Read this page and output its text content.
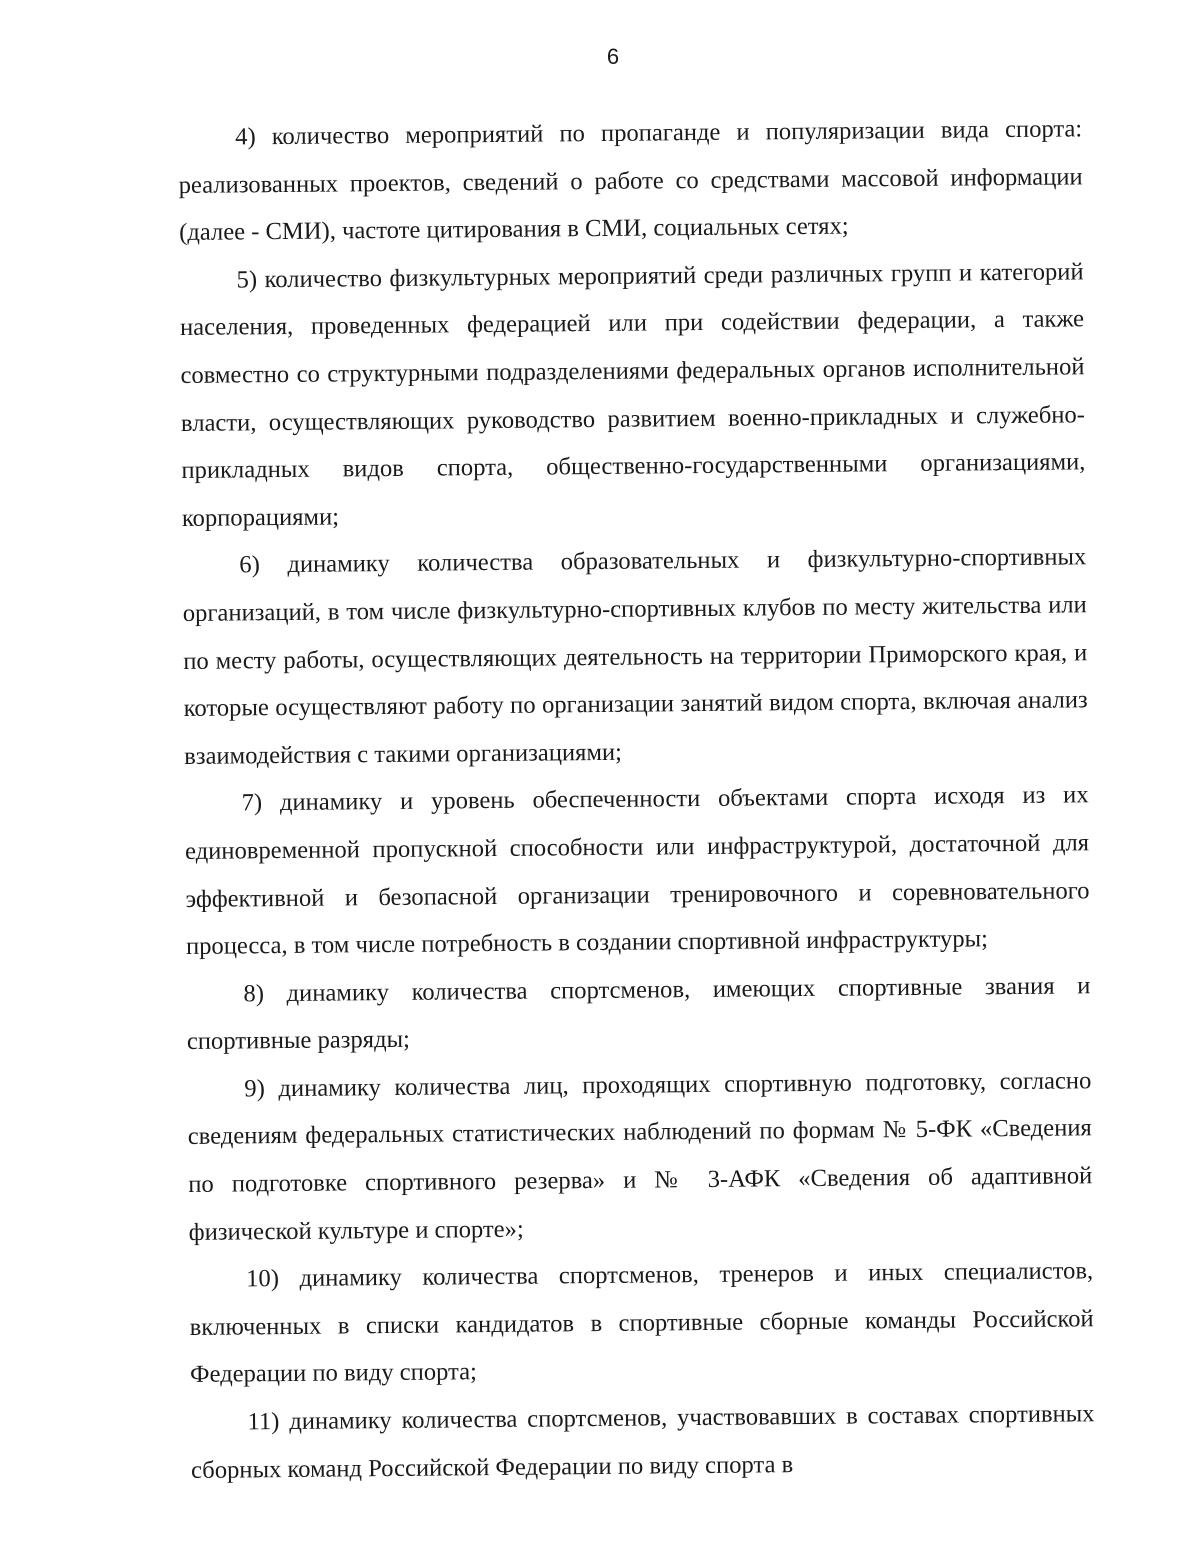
6

4) количество мероприятий по пропаганде и популяризации вида спорта: реализованных проектов, сведений о работе со средствами массовой информации (далее - СМИ), частоте цитирования в СМИ, социальных сетях;

5) количество физкультурных мероприятий среди различных групп и категорий населения, проведенных федерацией или при содействии федерации, а также совместно со структурными подразделениями федеральных органов исполнительной власти, осуществляющих руководство развитием военно-прикладных и служебно-прикладных видов спорта, общественно-государственными организациями, корпорациями;

6) динамику количества образовательных и физкультурно-спортивных организаций, в том числе физкультурно-спортивных клубов по месту жительства или по месту работы, осуществляющих деятельность на территории Приморского края, и которые осуществляют работу по организации занятий видом спорта, включая анализ взаимодействия с такими организациями;

7) динамику и уровень обеспеченности объектами спорта исходя из их единовременной пропускной способности или инфраструктурой, достаточной для эффективной и безопасной организации тренировочного и соревновательного процесса, в том числе потребность в создании спортивной инфраструктуры;

8) динамику количества спортсменов, имеющих спортивные звания и спортивные разряды;

9) динамику количества лиц, проходящих спортивную подготовку, согласно сведениям федеральных статистических наблюдений по формам № 5-ФК «Сведения по подготовке спортивного резерва» и № 3-АФК «Сведения об адаптивной физической культуре и спорте»;

10) динамику количества спортсменов, тренеров и иных специалистов, включенных в списки кандидатов в спортивные сборные команды Российской Федерации по виду спорта;

11) динамику количества спортсменов, участвовавших в составах спортивных сборных команд Российской Федерации по виду спорта в
